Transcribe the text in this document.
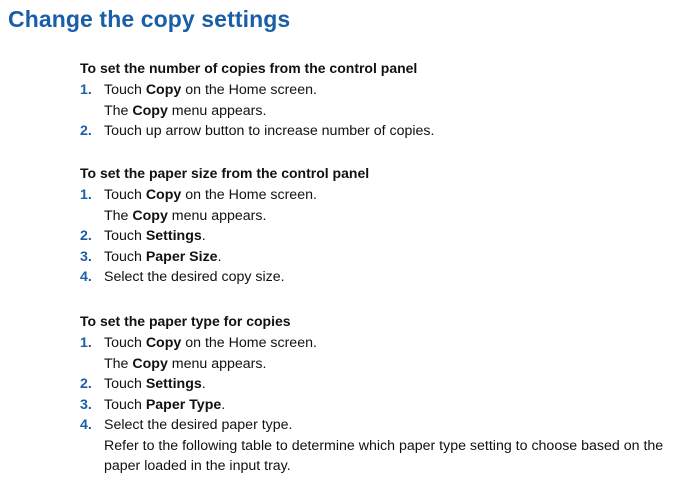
Change the copy settings
To set the number of copies from the control panel
1. Touch Copy on the Home screen.
The Copy menu appears.
2. Touch up arrow button to increase number of copies.
To set the paper size from the control panel
1. Touch Copy on the Home screen.
The Copy menu appears.
2. Touch Settings.
3. Touch Paper Size.
4. Select the desired copy size.
To set the paper type for copies
1. Touch Copy on the Home screen.
The Copy menu appears.
2. Touch Settings.
3. Touch Paper Type.
4. Select the desired paper type.
Refer to the following table to determine which paper type setting to choose based on the paper loaded in the input tray.
